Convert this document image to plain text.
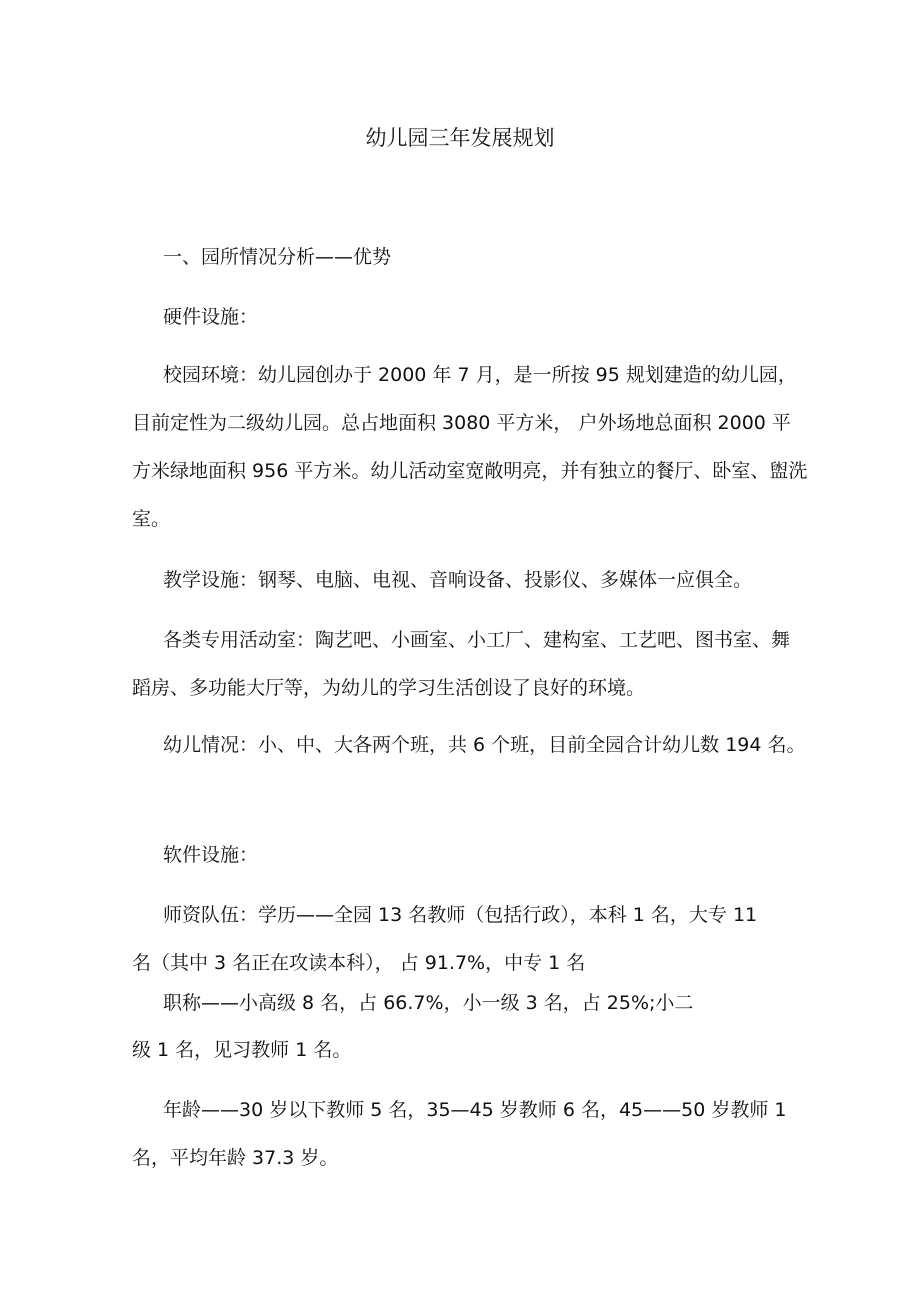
幼儿园三年发展规划

一、园所情况分析——优势

硬件设施：

校园环境：幼儿园创办于 2000 年 7 月，是一所按 95 规划建造的幼儿园，目前定性为二级幼儿园。总占地面积 3080 平方米， 户外场地总面积 2000 平方米绿地面积 956 平方米。幼儿活动室宽敞明亮，并有独立的餐厅、卧室、盥洗室。

教学设施：钢琴、电脑、电视、音响设备、投影仪、多媒体一应俱全。

各类专用活动室：陶艺吧、小画室、小工厂、建构室、工艺吧、图书室、舞蹈房、多功能大厅等，为幼儿的学习生活创设了良好的环境。

幼儿情况：小、中、大各两个班，共 6 个班，目前全园合计幼儿数 194 名。

软件设施：

师资队伍：学历——全园 13 名教师（包括行政），本科 1 名，大专 11

名（其中 3 名正在攻读本科）， 占 91.7%，中专 1 名

职称——小高级 8 名，占 66.7%，小一级 3 名，占 25%;小二

级 1 名，见习教师 1 名。

年龄——30 岁以下教师 5 名，35—45 岁教师 6 名，45——50 岁教师 1 名，平均年龄 37.3 岁。
